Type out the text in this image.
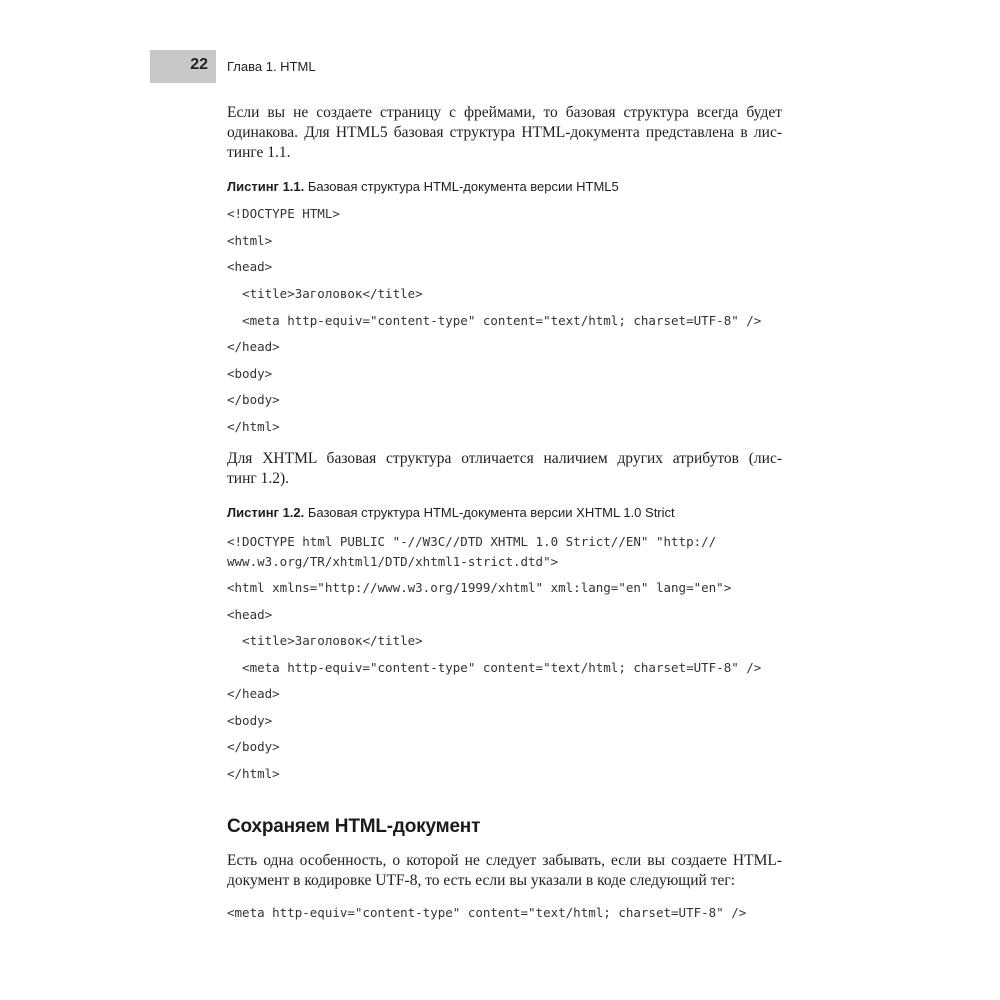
22 Глава 1. HTML

Если вы не создаете страницу с фреймами, то базовая структура всегда будет

одинакова. Для HTML5 базовая структура HTML-документа представлена в лис-

тинге 1.1.

Листинг 1.1. Базовая структура HTML-документа версии HTML5

<!DOCTYPE HTML>
<html>
<head>
<title>Заголовок</title>
<meta http-equiv="content-type" content="text/html; charset=UTF-8" />
</head>
<body>
</body>
</html>

Для XHTML базовая структура отличается наличием других атрибутов (лис-

тинг 1.2).

Листинг 1.2. Базовая структура HTML-документа версии XHTML 1.0 Strict

<!DOCTYPE html PUBLIC "-//W3C//DTD XHTML 1.0 Strict//EN" "http://
www.w3.org/TR/xhtml1/DTD/xhtml1-strict.dtd">
<html xmlns="http://www.w3.org/1999/xhtml" xml:lang="en" lang="en">
<head>
<title>Заголовок</title>
<meta http-equiv="content-type" content="text/html; charset=UTF-8" />
</head>
<body>
</body>
</html>
Сохраняем HTML-документ

Есть одна особенность, о которой не следует забывать, если вы создаете HTML-

документ в кодировке UTF-8, то есть если вы указали в коде следующий тег:

<meta http-equiv="content-type" content="text/html; charset=UTF-8" />
